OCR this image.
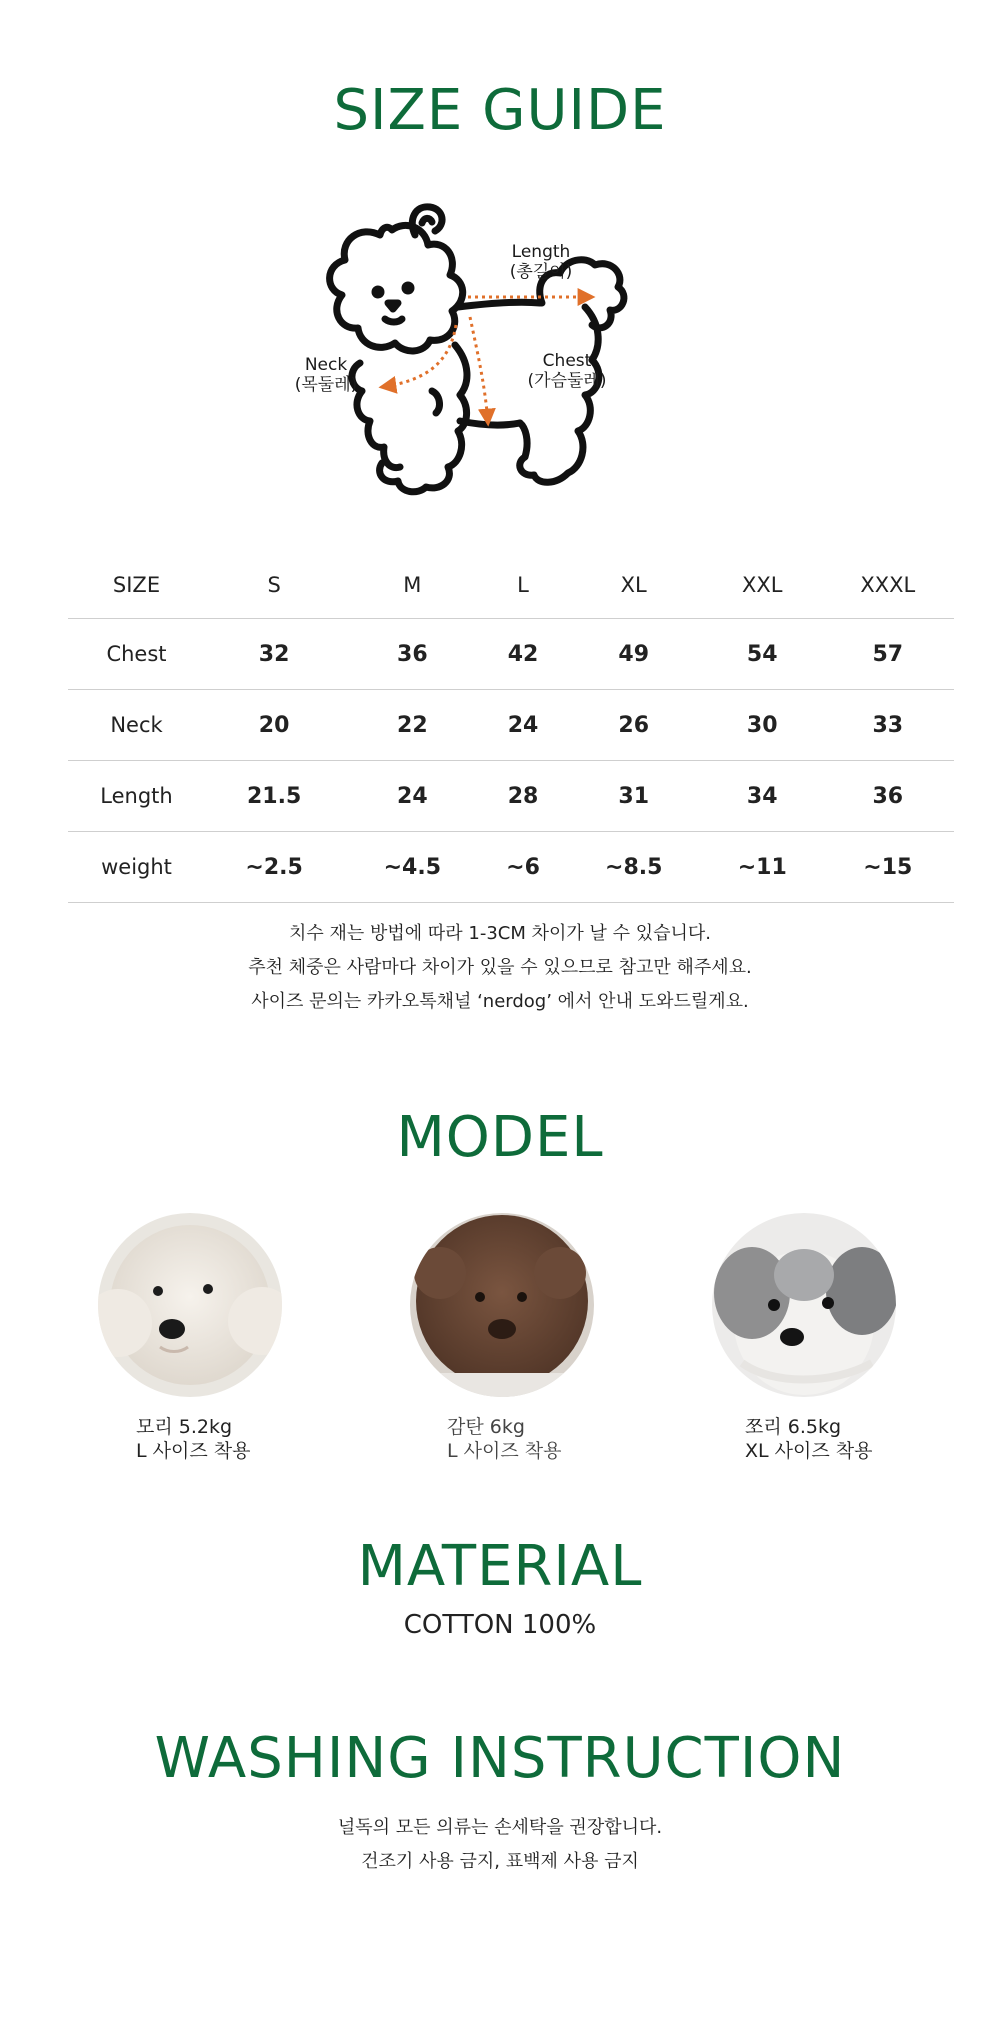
SIZE GUIDE
Length
(총길이)
Neck
(목둘레)
Chest
(가슴둘레)
SIZE	S	M	L	XL	XXL	XXXL
Chest	32	36	42	49	54	57
Neck	20	22	24	26	30	33
Length	21.5	24	28	31	34	36
weight	~2.5	~4.5	~6	~8.5	~11	~15
치수 재는 방법에 따라 1-3CM 차이가 날 수 있습니다.
추천 체중은 사람마다 차이가 있을 수 있으므로 참고만 해주세요.
사이즈 문의는 카카오톡채널 ‘nerdog’ 에서 안내 도와드릴게요.
MODEL
모리 5.2kg
L 사이즈 착용
감탄 6kg
L 사이즈 착용
쪼리 6.5kg
XL 사이즈 착용
MATERIAL
COTTON 100%
WASHING INSTRUCTION
널독의 모든 의류는 손세탁을 권장합니다.
건조기 사용 금지, 표백제 사용 금지
